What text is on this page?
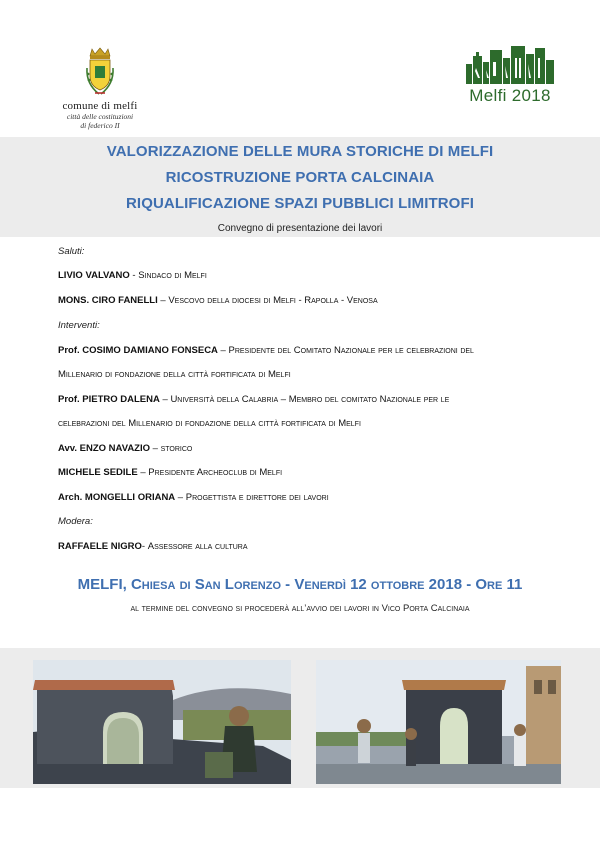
comune di melfi
città delle costituzioni
di federico II
Melfi 2018
VALORIZZAZIONE DELLE MURA STORICHE DI MELFI
RICOSTRUZIONE PORTA CALCINAIA
RIQUALIFICAZIONE SPAZI PUBBLICI LIMITROFI
Convegno di presentazione dei lavori
Saluti:
LIVIO VALVANO - Sindaco di Melfi
MONS. CIRO FANELLI – Vescovo della diocesi di Melfi - Rapolla - Venosa
Interventi:
Prof. COSIMO DAMIANO FONSECA – Presidente del Comitato Nazionale per le celebrazioni del
Millenario di fondazione della città fortificata di Melfi
Prof. PIETRO DALENA – Università della Calabria – Membro del comitato Nazionale per le
celebrazioni del Millenario di fondazione della città fortificata di Melfi
Avv. ENZO NAVAZIO – storico
MICHELE SEDILE – Presidente Archeoclub di Melfi
Arch. MONGELLI ORIANA – Progettista e direttore dei lavori
Modera:
RAFFAELE NIGRO- Assessore alla cultura
MELFI, Chiesa di San Lorenzo - Venerdì 12 ottobre 2018 - Ore 11
al termine del convegno si procederà all’avvio dei lavori in Vico Porta Calcinaia
